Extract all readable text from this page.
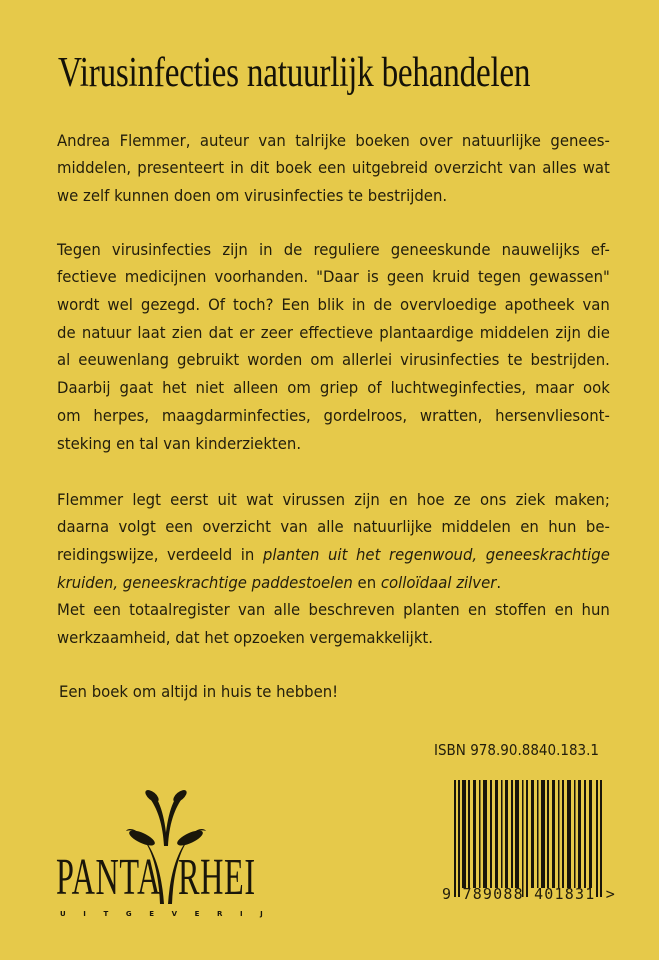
Virusinfecties natuurlijk behandelen
Andrea Flemmer, auteur van talrijke boeken over natuurlijke genees-
middelen, presenteert in dit boek een uitgebreid overzicht van alles wat
we zelf kunnen doen om virusinfecties te bestrijden.
Tegen virusinfecties zijn in de reguliere geneeskunde nauwelijks ef-
fectieve medicijnen voorhanden. "Daar is geen kruid tegen gewassen"
wordt wel gezegd. Of toch? Een blik in de overvloedige apotheek van
de natuur laat zien dat er zeer effectieve plantaardige middelen zijn die
al eeuwenlang gebruikt worden om allerlei virusinfecties te bestrijden.
Daarbij gaat het niet alleen om griep of luchtweginfecties, maar ook
om herpes, maagdarminfecties, gordelroos, wratten, hersenvliesont-
steking en tal van kinderziekten.
Flemmer legt eerst uit wat virussen zijn en hoe ze ons ziek maken;
daarna volgt een overzicht van alle natuurlijke middelen en hun be-
reidingswijze, verdeeld in planten uit het regenwoud, geneeskrachtige
kruiden, geneeskrachtige paddestoelen en colloïdaal zilver.
Met een totaalregister van alle beschreven planten en stoffen en hun
werkzaamheid, dat het opzoeken vergemakkelijkt.
Een boek om altijd in huis te hebben!
ISBN 978.90.8840.183.1
9 789088 401831 >
PANTA RHEI
UITGEVERIJ
